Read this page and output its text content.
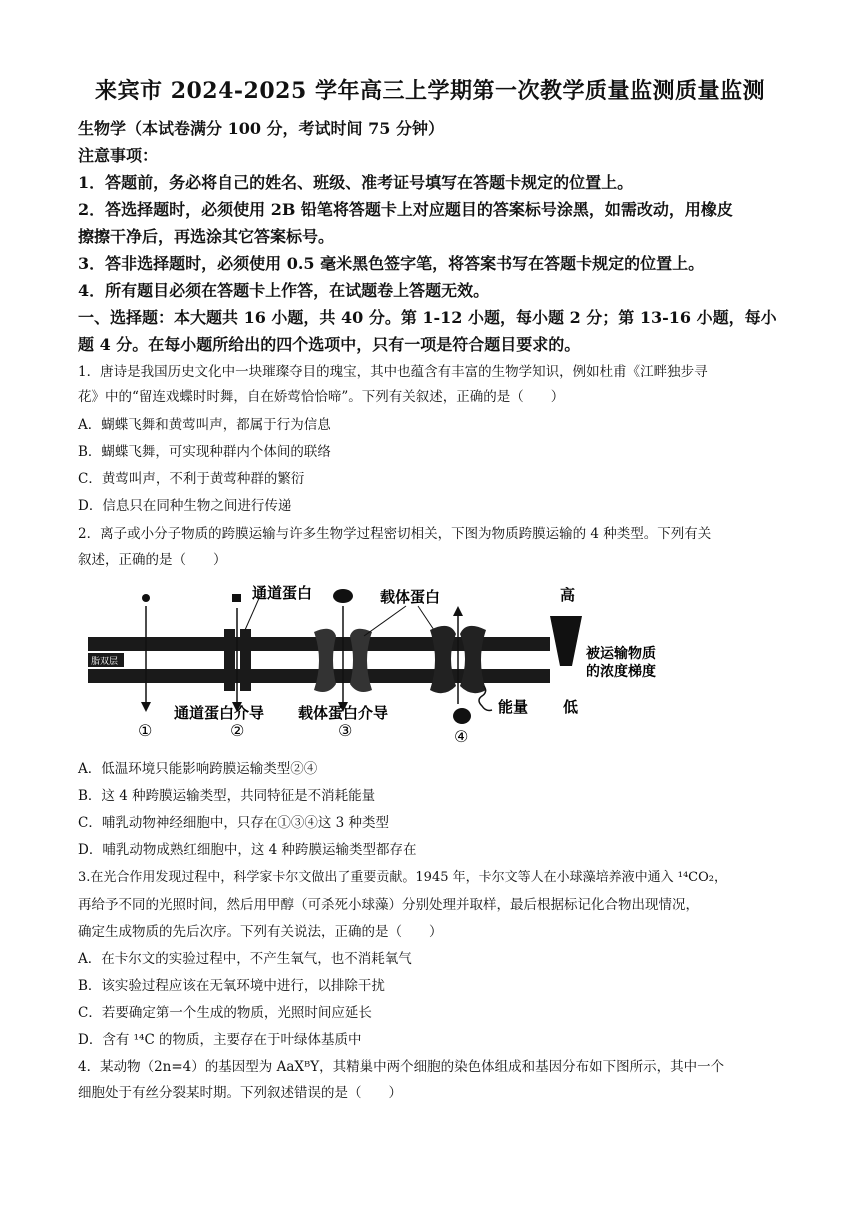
来宾市 2024-2025 学年高三上学期第一次教学质量监测质量监测
生物学（本试卷满分 100 分，考试时间 75 分钟）
注意事项：
1．答题前，务必将自己的姓名、班级、准考证号填写在答题卡规定的位置上。
2．答选择题时，必须使用 2B 铅笔将答题卡上对应题目的答案标号涂黑，如需改动，用橡皮
擦擦干净后，再选涂其它答案标号。
3．答非选择题时，必须使用 0.5 毫米黑色签字笔，将答案书写在答题卡规定的位置上。
4．所有题目必须在答题卡上作答，在试题卷上答题无效。
一、选择题：本大题共 16 小题，共 40 分。第 1-12 小题，每小题 2 分；第 13-16 小题，每小
题 4 分。在每小题所给出的四个选项中，只有一项是符合题目要求的。
1．唐诗是我国历史文化中一块璀璨夺目的瑰宝，其中也蕴含有丰富的生物学知识，例如杜甫《江畔独步寻
花》中的“留连戏蝶时时舞，自在娇莺恰恰啼”。下列有关叙述，正确的是（　　）
A．蝴蝶飞舞和黄莺叫声，都属于行为信息
B．蝴蝶飞舞，可实现种群内个体间的联络
C．黄莺叫声，不利于黄莺种群的繁衍
D．信息只在同种生物之间进行传递
2．离子或小分子物质的跨膜运输与许多生物学过程密切相关，下图为物质跨膜运输的 4 种类型。下列有关
叙述，正确的是（　　）
脂双层
①
通道蛋白
②
载体蛋白
③
能量
④
高
被运输物质
的浓度梯度
低
通道蛋白介导 载体蛋白介导
A．低温环境只能影响跨膜运输类型②④
B．这 4 种跨膜运输类型，共同特征是不消耗能量
C．哺乳动物神经细胞中，只存在①③④这 3 种类型
D．哺乳动物成熟红细胞中，这 4 种跨膜运输类型都存在
3.在光合作用发现过程中，科学家卡尔文做出了重要贡献。1945 年，卡尔文等人在小球藻培养液中通入 ¹⁴CO₂，
再给予不同的光照时间，然后用甲醇（可杀死小球藻）分别处理并取样，最后根据标记化合物出现情况，
确定生成物质的先后次序。下列有关说法，正确的是（　　）
A．在卡尔文的实验过程中，不产生氧气，也不消耗氧气
B．该实验过程应该在无氧环境中进行，以排除干扰
C．若要确定第一个生成的物质，光照时间应延长
D．含有 ¹⁴C 的物质，主要存在于叶绿体基质中
4．某动物（2n=4）的基因型为 AaXᴮY，其精巢中两个细胞的染色体组成和基因分布如下图所示，其中一个
细胞处于有丝分裂某时期。下列叙述错误的是（　　）
